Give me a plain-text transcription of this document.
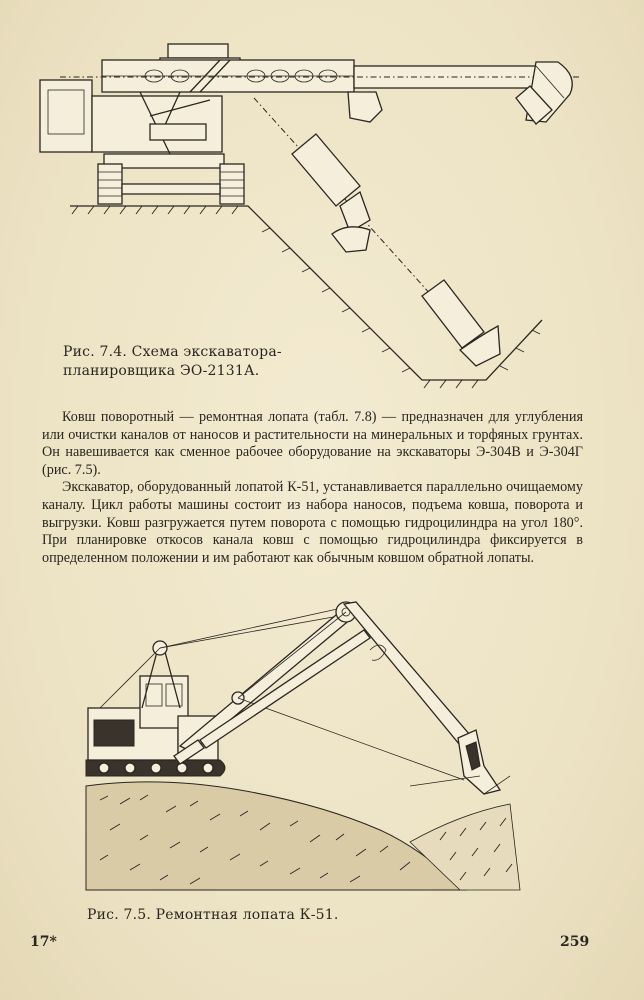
Рис. 7.4. Схема экскаватора-
планировщика ЭО-2131А.

Ковш поворотный — ремонтная лопата (табл. 7.8) — предназначен для углубления или очистки каналов от наносов и растительности на минеральных и торфяных грунтах. Он навешивается как сменное рабочее оборудование на экскаваторы Э-304В и Э-304Г (рис. 7.5).

Экскаватор, оборудованный лопатой К-51, устанавливается параллельно очищаемому каналу. Цикл работы машины состоит из набора наносов, подъема ковша, поворота и выгрузки. Ковш разгружается путем поворота с помощью гидроцилиндра на угол 180°. При планировке откосов канала ковш с помощью гидроцилиндра фиксируется в определенном положении и им работают как обычным ковшом обратной лопаты.

Рис. 7.5. Ремонтная лопата К-51.
17*	259
